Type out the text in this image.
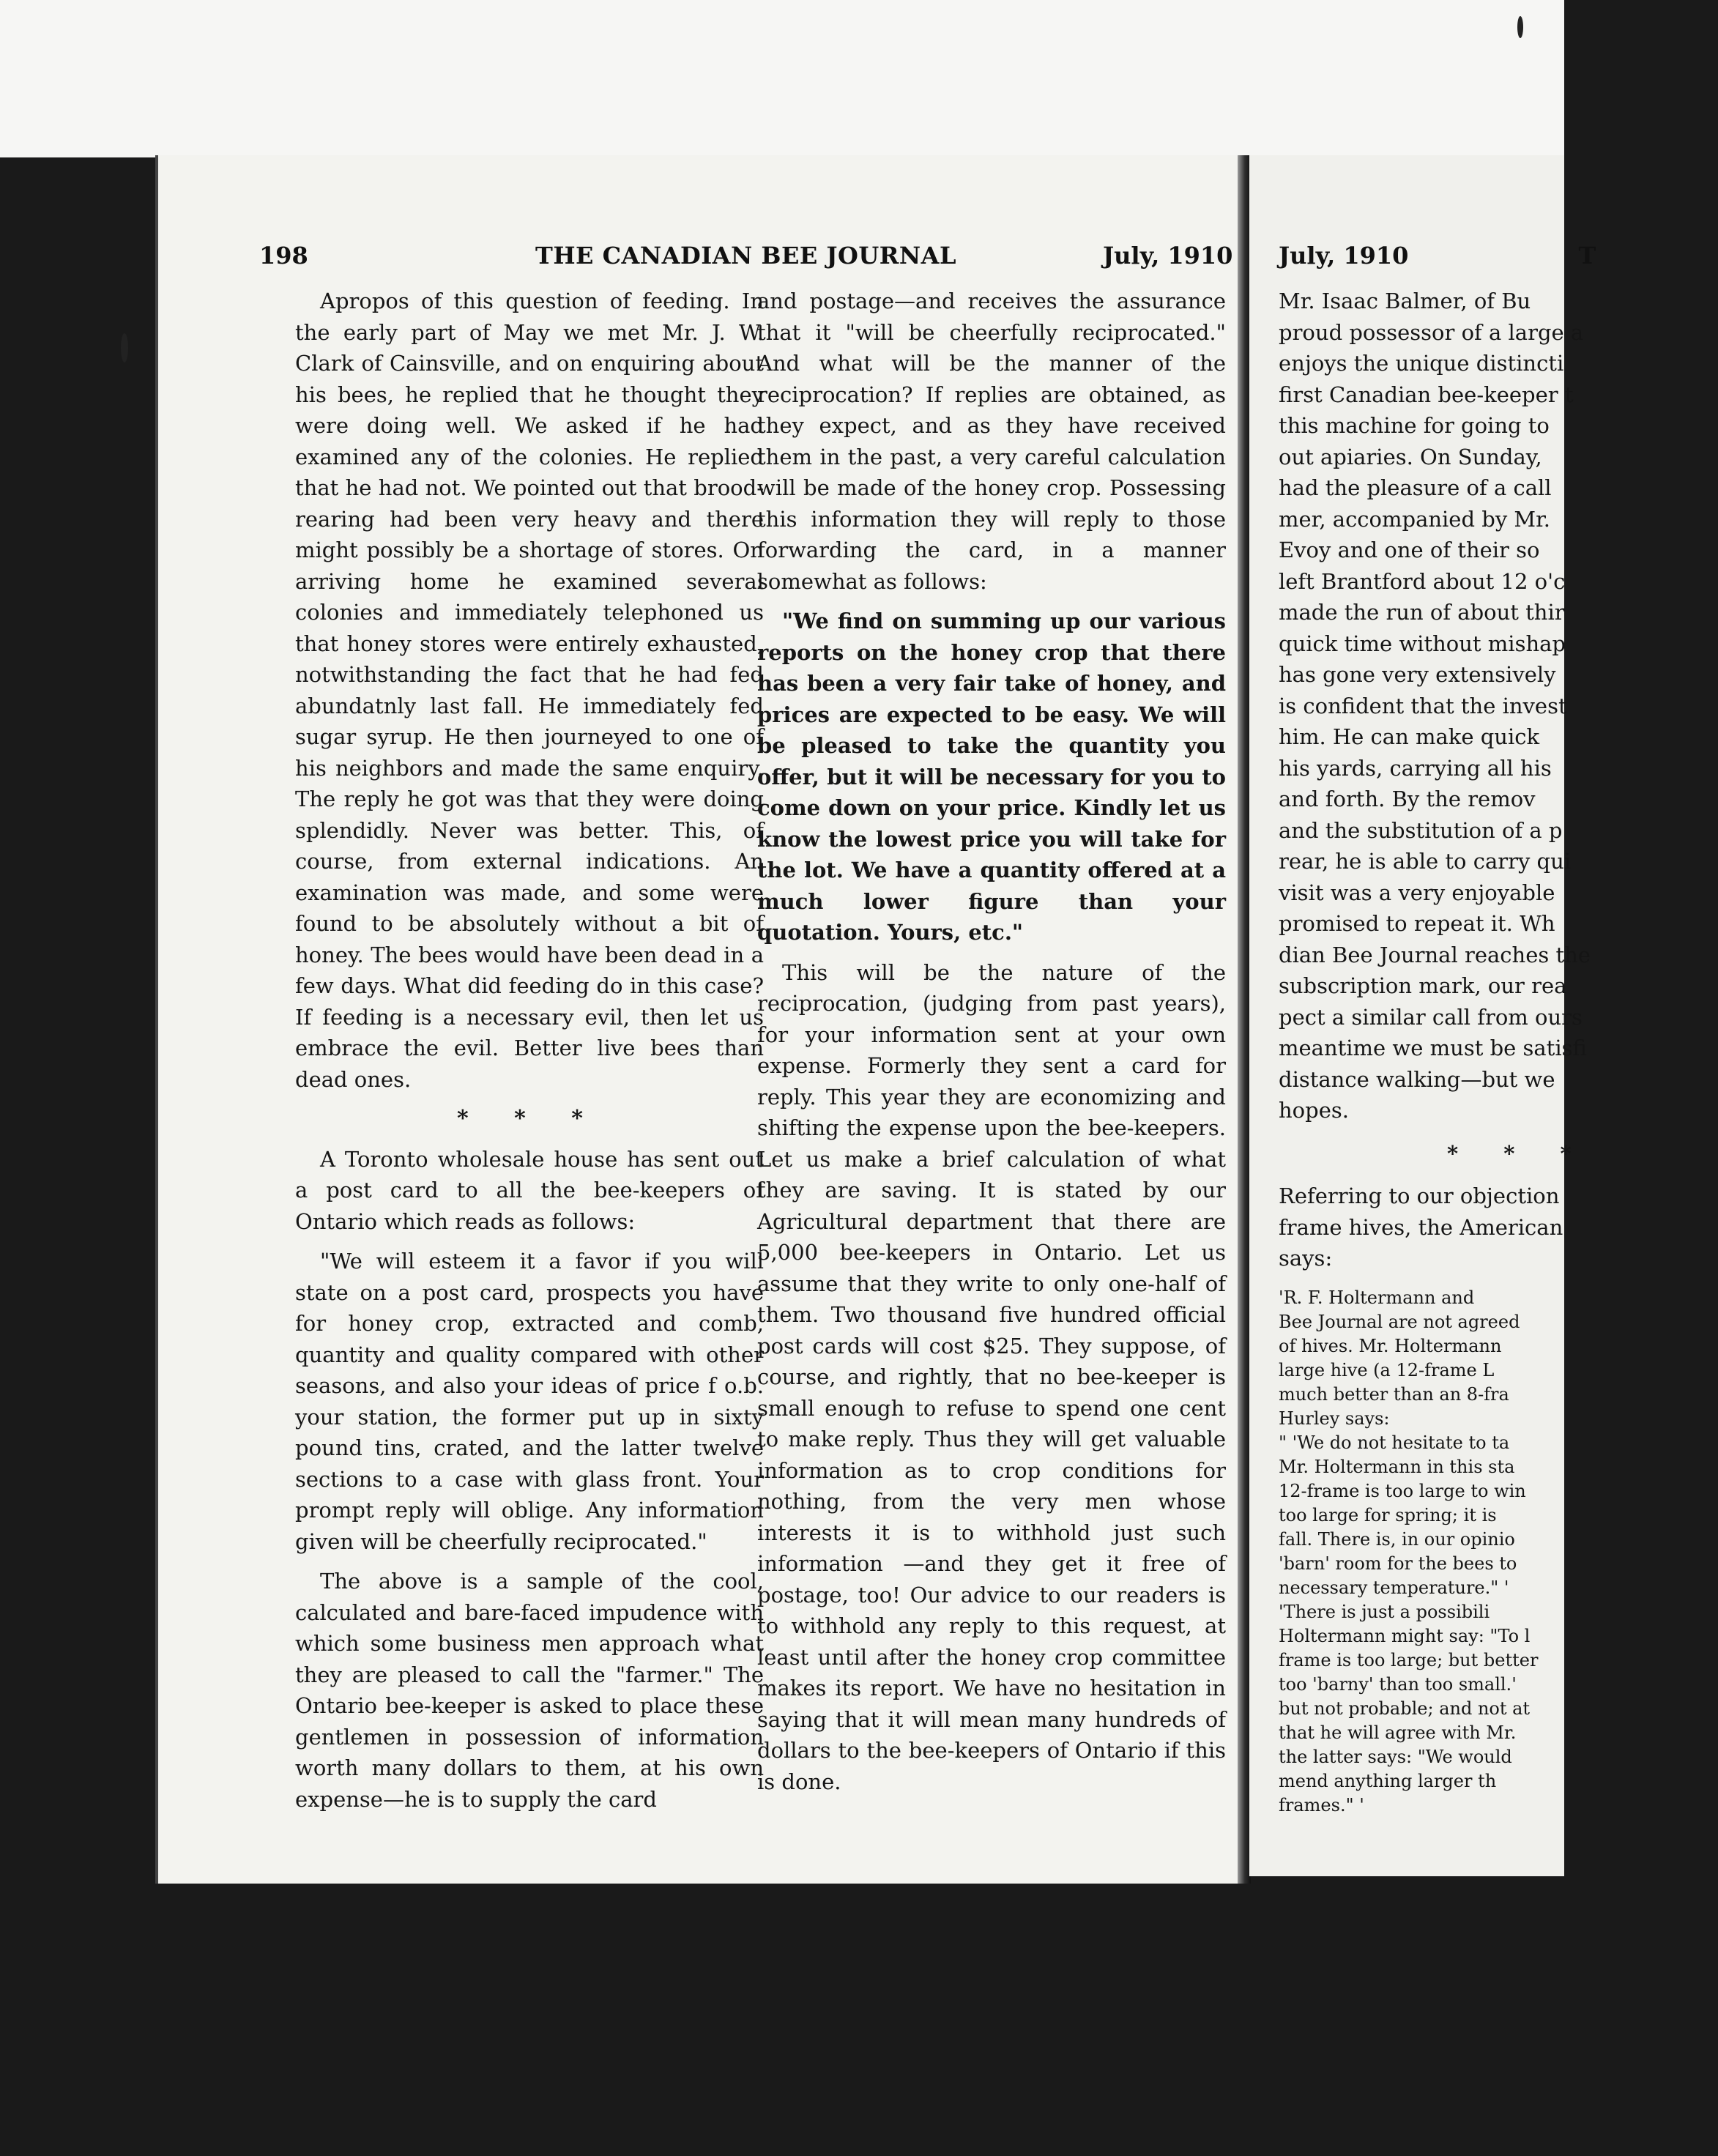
198	THE CANADIAN BEE JOURNAL	July, 1910

Apropos of this question of feeding. In the early part of May we met Mr. J. W. Clark of Cainsville, and on enquiring about his bees, he replied that he thought they were doing well. We asked if he had examined any of the colonies. He replied that he had not. We pointed out that brood-rearing had been very heavy and there might possibly be a shortage of stores. On arriving home he examined several colonies and immediately telephoned us that honey stores were entirely exhausted, notwithstanding the fact that he had fed abundatnly last fall. He immediately fed sugar syrup. He then journeyed to one of his neighbors and made the same enquiry. The reply he got was that they were doing splendidly. Never was better. This, of course, from external indications. An examination was made, and some were found to be absolutely without a bit of honey. The bees would have been dead in a few days. What did feeding do in this case? If feeding is a necessary evil, then let us embrace the evil. Better live bees than dead ones.

* * *

A Toronto wholesale house has sent out a post card to all the bee-keepers of Ontario which reads as follows:

"We will esteem it a favor if you will state on a post card, prospects you have for honey crop, extracted and comb, quantity and quality compared with other seasons, and also your ideas of price f o.b. your station, the former put up in sixty pound tins, crated, and the latter twelve sections to a case with glass front. Your prompt reply will oblige. Any information given will be cheerfully reciprocated."

The above is a sample of the cool, calculated and bare-faced impudence with which some business men approach what they are pleased to call the "farmer." The Ontario bee-keeper is asked to place these gentlemen in possession of information worth many dollars to them, at his own expense—he is to supply the card

and postage—and receives the assurance that it "will be cheerfully reciprocated." And what will be the manner of the reciprocation? If replies are obtained, as they expect, and as they have received them in the past, a very careful calculation will be made of the honey crop. Possessing this information they will reply to those forwarding the card, in a manner somewhat as follows:

"We find on summing up our various reports on the honey crop that there has been a very fair take of honey, and prices are expected to be easy. We will be pleased to take the quantity you offer, but it will be necessary for you to come down on your price. Kindly let us know the lowest price you will take for the lot. We have a quantity offered at a much lower figure than your quotation. Yours, etc."

This will be the nature of the reciprocation, (judging from past years), for your information sent at your own expense. Formerly they sent a card for reply. This year they are economizing and shifting the expense upon the bee-keepers. Let us make a brief calculation of what they are saving. It is stated by our Agricultural department that there are 5,000 bee-keepers in Ontario. Let us assume that they write to only one-half of them. Two thousand five hundred official post cards will cost $25. They suppose, of course, and rightly, that no bee-keeper is small enough to refuse to spend one cent to make reply. Thus they will get valuable information as to crop conditions for nothing, from the very men whose interests it is to withhold just such information —and they get it free of postage, too! Our advice to our readers is to withhold any reply to this request, at least until after the honey crop committee makes its report. We have no hesitation in saying that it will mean many hundreds of dollars to the bee-keepers of Ontario if this is done.

July, 1910	T
Mr. Isaac Balmer, of Bu
proud possessor of a large a
enjoys the unique distincti
first Canadian bee-keeper t
this machine for going to
out apiaries. On Sunday,
had the pleasure of a call
mer, accompanied by Mr.
Evoy and one of their so
left Brantford about 12 o'c
made the run of about thir
quick time without mishap
has gone very extensively
is confident that the invest
him. He can make quick
his yards, carrying all his
and forth. By the remov
and the substitution of a p
rear, he is able to carry qui
visit was a very enjoyable
promised to repeat it. Wh
dian Bee Journal reaches the
subscription mark, our rea
pect a similar call from ours
meantime we must be satisfi
distance walking—but we
hopes.
* * *
Referring to our objection
frame hives, the American
says:
'R. F. Holtermann and
Bee Journal are not agreed
of hives. Mr. Holtermann
large hive (a 12-frame L
much better than an 8-fra
Hurley says:
" 'We do not hesitate to ta
Mr. Holtermann in this sta
12-frame is too large to win
too large for spring; it is
fall. There is, in our opinio
'barn' room for the bees to
necessary temperature." '
'There is just a possibili
Holtermann might say: "To l
frame is too large; but better
too 'barny' than too small.'
but not probable; and not at
that he will agree with Mr.
the latter says: "We would
mend anything larger th
frames." '
